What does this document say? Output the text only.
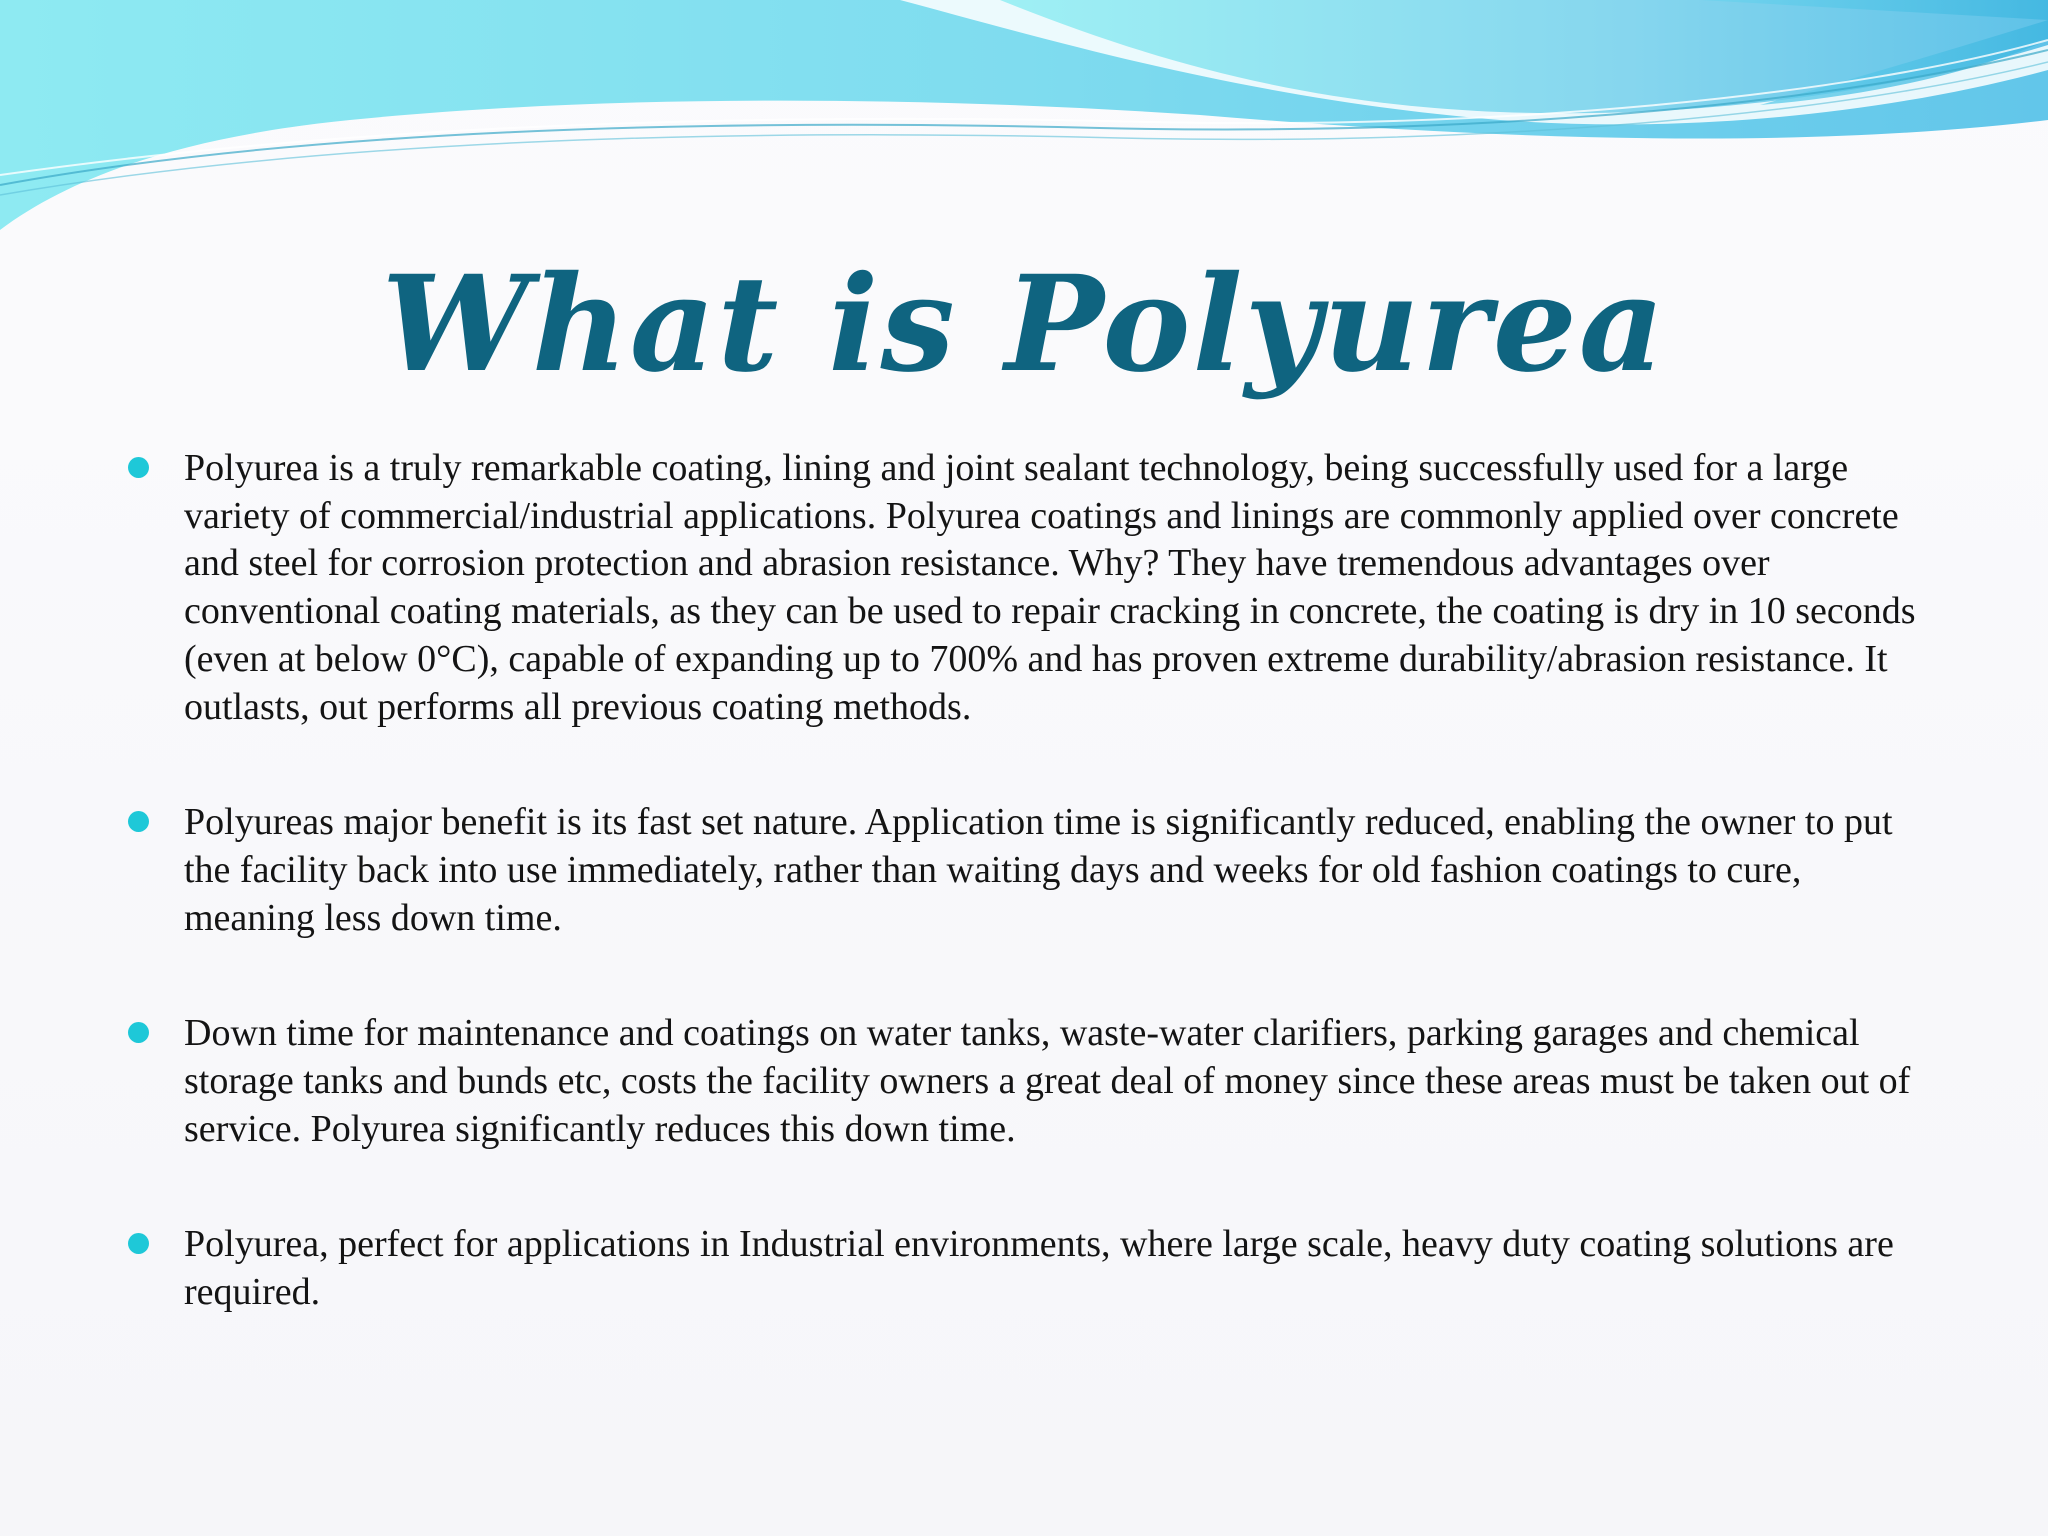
What is Polyurea
Polyurea is a truly remarkable coating, lining and joint sealant technology, being successfully used for a large variety of commercial/industrial applications. Polyurea coatings and linings are commonly applied over concrete and steel for corrosion protection and abrasion resistance. Why? They have tremendous advantages over conventional coating materials, as they can be used to repair cracking in concrete, the coating is dry in 10 seconds (even at below 0°C), capable of expanding up to 700% and has proven extreme durability/abrasion resistance. It outlasts, out performs all previous coating methods.
Polyureas major benefit is its fast set nature. Application time is significantly reduced, enabling the owner to put the facility back into use immediately, rather than waiting days and weeks for old fashion coatings to cure, meaning less down time.
Down time for maintenance and coatings on water tanks, waste-water clarifiers, parking garages and chemical storage tanks and bunds etc, costs the facility owners a great deal of money since these areas must be taken out of service. Polyurea significantly reduces this down time.
Polyurea, perfect for applications in Industrial environments, where large scale, heavy duty coating solutions are required.
